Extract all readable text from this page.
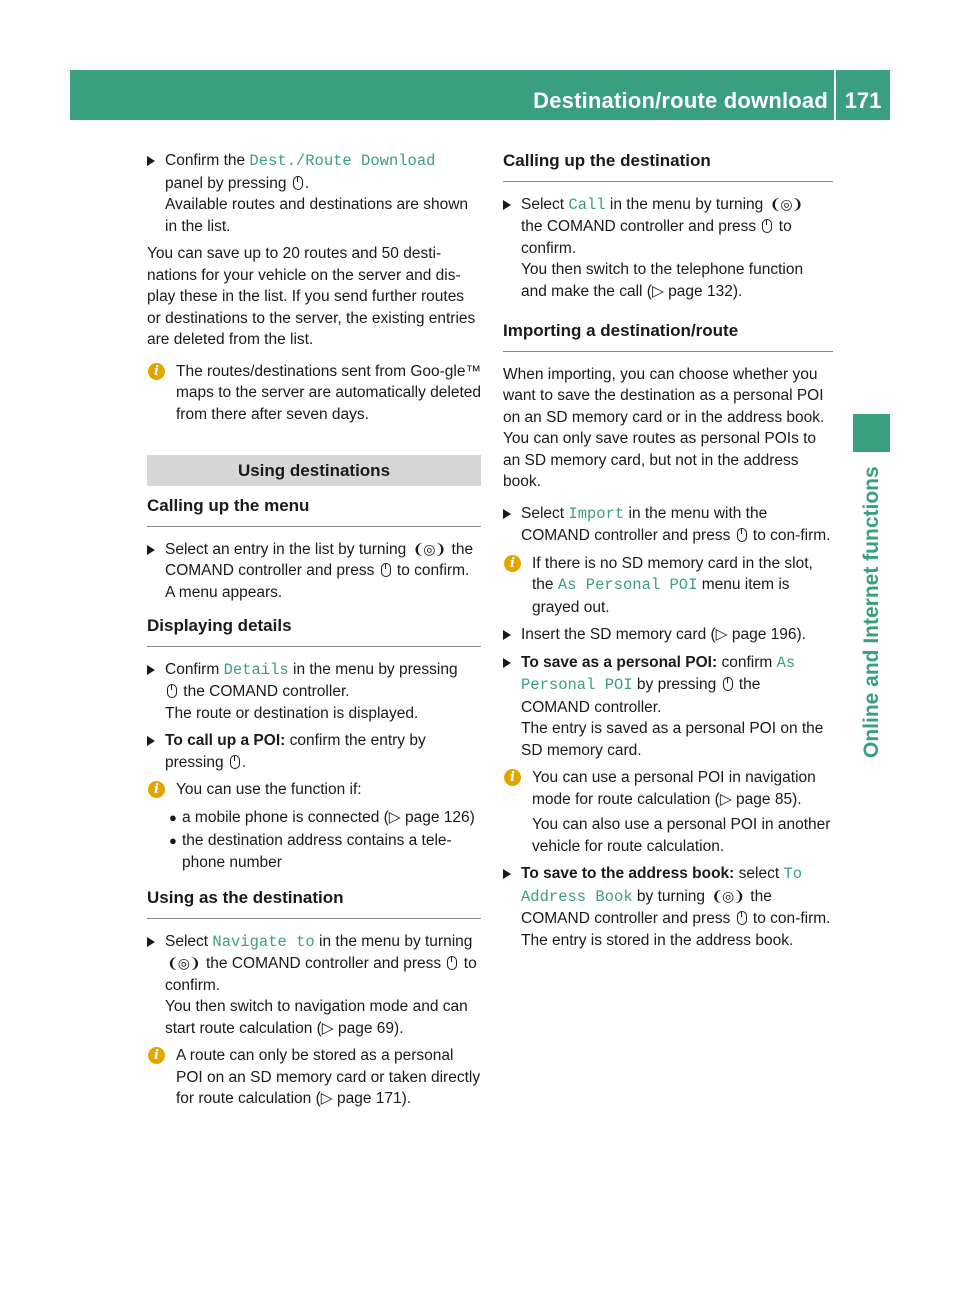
Destination/route download 171
Online and Internet functions
Confirm the Dest./Route Download
panel by pressing .
Available routes and destinations are shown in the list.

You can save up to 20 routes and 50 desti-nations for your vehicle on the server and dis-play these in the list. If you send further routes or destinations to the server, the existing entries are deleted from the list.

i	The routes/destinations sent from Goo-gle™ maps to the server are automatically deleted from there after seven days.
Using destinations
Calling up the menu
Select an entry in the list by turning ❨◎❩ the COMAND controller and press  to confirm.
A menu appears.
Displaying details
Confirm Details in the menu by pressing
the COMAND controller.
The route or destination is displayed.
To call up a POI: confirm the entry by pressing .
i	You can use the function if:
● a mobile phone is connected (▷ page 126)
● the destination address contains a tele-phone number
Using as the destination
Select Navigate to in the menu by turning
❨◎❩ the COMAND controller and press  to confirm.
You then switch to navigation mode and can start route calculation (▷ page 69).
i	A route can only be stored as a personal POI on an SD memory card or taken directly for route calculation (▷ page 171).
Calling up the destination
Select Call in the menu by turning ❨◎❩
the COMAND controller and press  to confirm.
You then switch to the telephone function and make the call (▷ page 132).
Importing a destination/route

When importing, you can choose whether you want to save the destination as a personal POI on an SD memory card or in the address book. You can only save routes as personal POIs to an SD memory card, but not in the address book.

Select Import in the menu with the COMAND controller and press  to con-firm.
i	If there is no SD memory card in the slot, the As Personal POI menu item is grayed out.
Insert the SD memory card (▷ page 196).
To save as a personal POI: confirm As Personal POI by pressing  the COMAND controller.
The entry is saved as a personal POI on the SD memory card.
i	You can use a personal POI in navigation mode for route calculation (▷ page 85).

You can also use a personal POI in another vehicle for route calculation.
To save to the address book: select To Address Book by turning ❨◎❩ the COMAND controller and press  to con-firm.
The entry is stored in the address book.
